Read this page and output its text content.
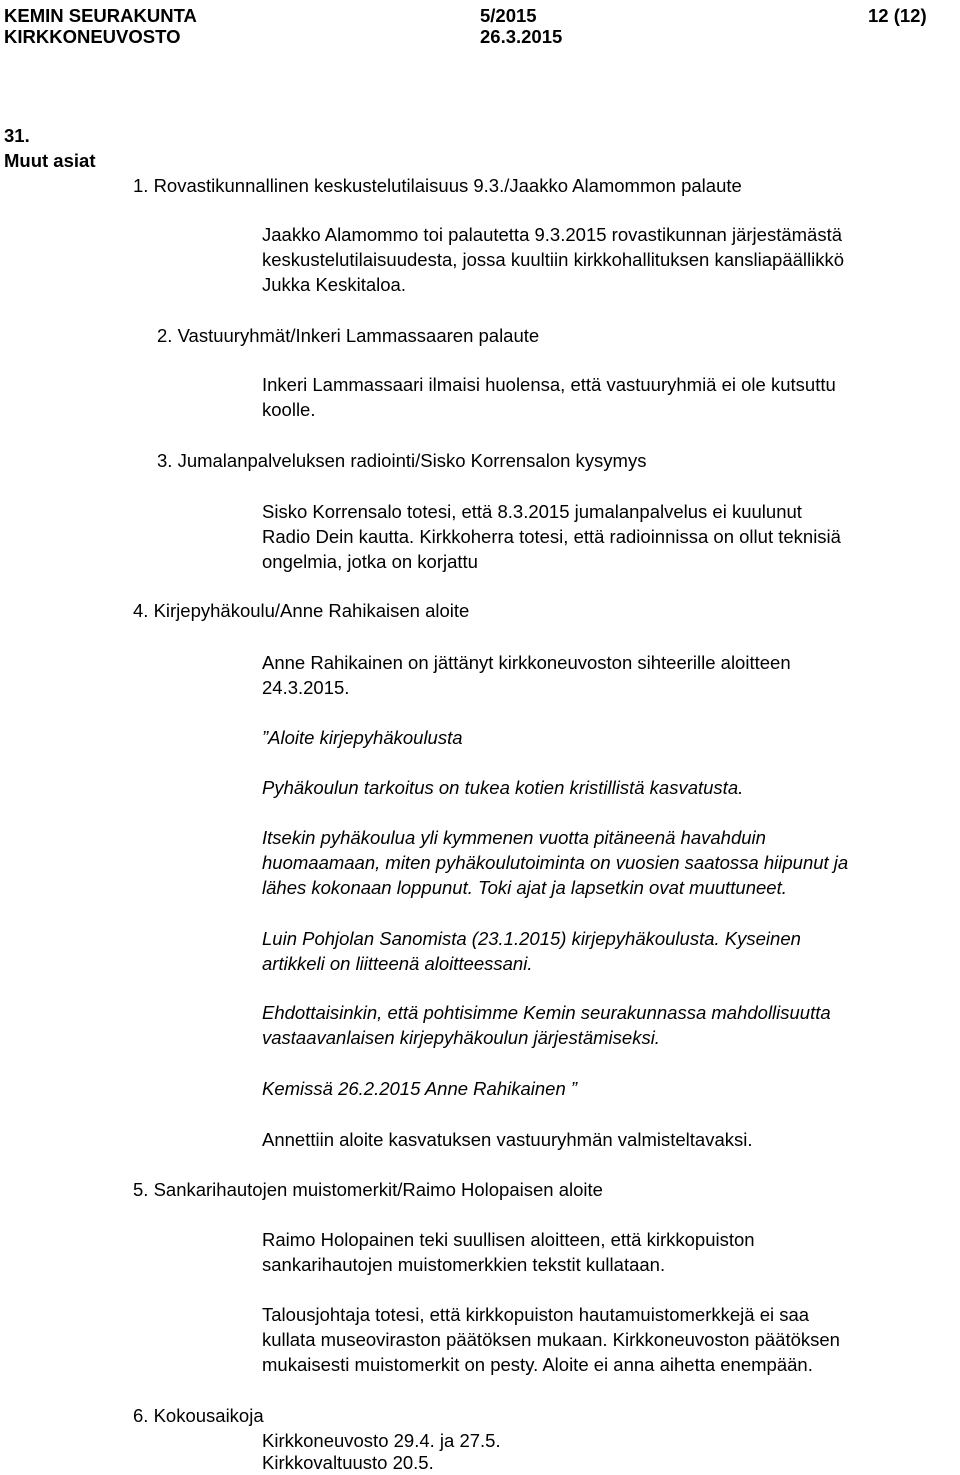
KEMIN SEURAKUNTA
KIRKKONEUVOSTO
5/2015
26.3.2015
12 (12)
31.
Muut asiat
1. Rovastikunnallinen keskustelutilaisuus 9.3./Jaakko Alamommon palaute
Jaakko Alamommo toi palautetta 9.3.2015 rovastikunnan järjestämästä
keskustelutilaisuudesta, jossa kuultiin kirkkohallituksen kansliapäällikkö
Jukka Keskitaloa.
2. Vastuuryhmät/Inkeri Lammassaaren palaute
Inkeri Lammassaari ilmaisi huolensa, että vastuuryhmiä ei ole kutsuttu
koolle.
3. Jumalanpalveluksen radiointi/Sisko Korrensalon kysymys
Sisko Korrensalo totesi, että 8.3.2015 jumalanpalvelus ei kuulunut
Radio Dein kautta. Kirkkoherra totesi, että radioinnissa on ollut teknisiä
ongelmia, jotka on korjattu
4. Kirjepyhäkoulu/Anne Rahikaisen aloite
Anne Rahikainen on jättänyt kirkkoneuvoston sihteerille aloitteen
24.3.2015.
”Aloite kirjepyhäkoulusta
Pyhäkoulun tarkoitus on tukea kotien kristillistä kasvatusta.
Itsekin pyhäkoulua yli kymmenen vuotta pitäneenä havahduin
huomaamaan, miten pyhäkoulutoiminta on vuosien saatossa hiipunut ja
lähes kokonaan loppunut. Toki ajat ja lapsetkin ovat muuttuneet.
Luin Pohjolan Sanomista (23.1.2015) kirjepyhäkoulusta. Kyseinen
artikkeli on liitteenä aloitteessani.
Ehdottaisinkin, että pohtisimme Kemin seurakunnassa mahdollisuutta
vastaavanlaisen kirjepyhäkoulun järjestämiseksi.
Kemissä 26.2.2015 Anne Rahikainen ”
Annettiin aloite kasvatuksen vastuuryhmän valmisteltavaksi.
5. Sankarihautojen muistomerkit/Raimo Holopaisen aloite
Raimo Holopainen teki suullisen aloitteen, että kirkkopuiston
sankarihautojen muistomerkkien tekstit kullataan.
Talousjohtaja totesi, että kirkkopuiston hautamuistomerkkejä ei saa
kullata museoviraston päätöksen mukaan. Kirkkoneuvoston päätöksen
mukaisesti muistomerkit on pesty. Aloite ei anna aihetta enempään.
6. Kokousaikoja
Kirkkoneuvosto 29.4. ja 27.5.
Kirkkovaltuusto 20.5.
